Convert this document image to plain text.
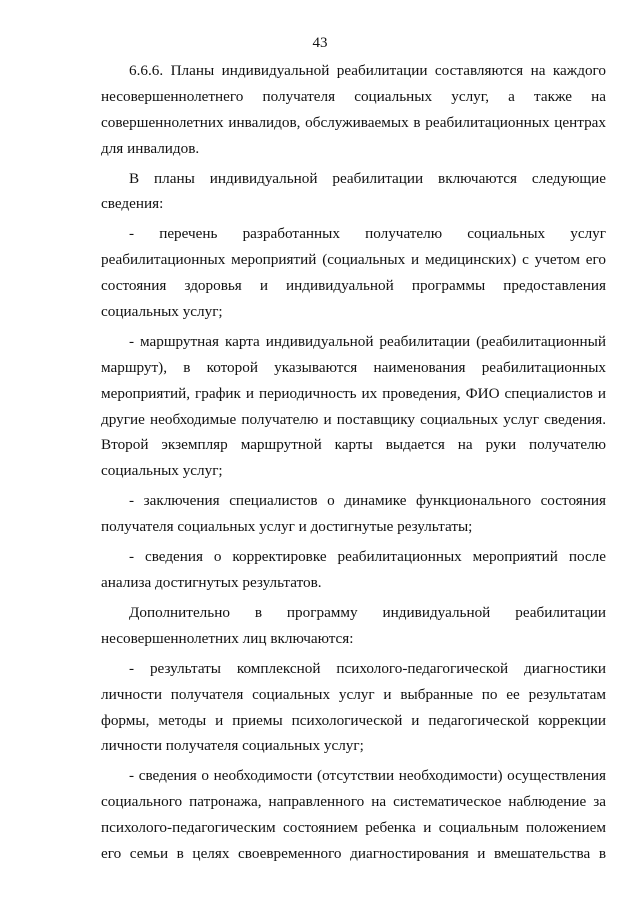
43
6.6.6. Планы индивидуальной реабилитации составляются на каждого
несовершеннолетнего получателя социальных услуг, а также на
совершеннолетних инвалидов, обслуживаемых в реабилитационных центрах
для инвалидов.
В планы индивидуальной реабилитации включаются следующие
сведения:
- перечень разработанных получателю социальных услуг
реабилитационных мероприятий (социальных и медицинских) с учетом его
состояния здоровья и индивидуальной программы предоставления
социальных услуг;
- маршрутная карта индивидуальной реабилитации (реабилитационный
маршрут), в которой указываются наименования реабилитационных
мероприятий, график и периодичность их проведения, ФИО специалистов и
другие необходимые получателю и поставщику социальных услуг сведения.
Второй экземпляр маршрутной карты выдается на руки получателю
социальных услуг;
- заключения специалистов о динамике функционального состояния
получателя социальных услуг и достигнутые результаты;
- сведения о корректировке реабилитационных мероприятий после
анализа достигнутых результатов.
Дополнительно в программу индивидуальной реабилитации
несовершеннолетних лиц включаются:
- результаты комплексной психолого-педагогической диагностики
личности получателя социальных услуг и выбранные по ее результатам
формы, методы и приемы психологической и педагогической коррекции
личности получателя социальных услуг;
- сведения о необходимости (отсутствии необходимости) осуществления
социального патронажа, направленного на систематическое наблюдение за
психолого-педагогическим состоянием ребенка и социальным положением
его семьи в целях своевременного диагностирования и вмешательства в
